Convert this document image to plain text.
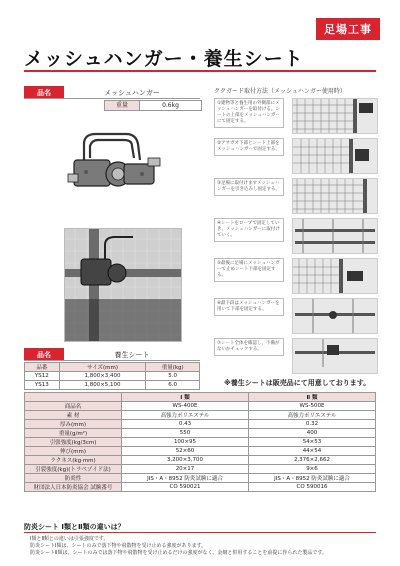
足場工事
メッシュハンガー・養生シート
品名	メッシュハンガー
重量	0.6kg
ククガード取付方法（メッシュハンガー使用時）
①建物等と養生用の外側部にメッシュハンガーを取付ける。シートの上部をメッシュハンガーにて固定する。
②アサガオ下部とシート上部をメッシュハンガーで固定する。
③足場に取付けますメッシュハンガーを引き込みし固定する。
④シートをロープで固定していき、メッシュハンガーに取付けていく。
⑤最後に足場にメッシュハンガーで止めシート下部を固定する。
⑥最下段はメッシュハンガーを用いて下部を固定する。
⑦シート全体を確認し、不備がないかチェックする。
品名	養生シート
品番	サイズ(mm)	重量(kg)
YS12	1,800×3,400	5.0
YS13	1,800×5,100	6.0	※養生シートは販売品にて用意しております。
	Ⅰ 類	Ⅱ 類
商品名	WS-400E	WS-500E
素 材	高強力ポリエステル	高強力ポリエステル
厚み(mm)	0.43	0.32
重量(g/m²)	550	400
引張強度(kg/3cm)	100×95	54×53
伸び(mm)	52×60	44×54
ラクネス(kg·mm)	3,200×3,700	2,376×2,662
引裂強度(kg)(トラペゾイド法)	20×17	9×6
防炎性	JIS・A・8952 防炎試験に適合	JIS・A・8952 防炎試験に適合
財団法人日本防炎協会 試験番号	CO 590021	CO 590016
防炎シート Ⅰ類とⅡ類の違いは？

Ⅰ類とⅡ類との違いは引張強度です。

防炎シートⅠ類は、シートのみで落下物や飛散物を受け止める強度があります。

防炎シートⅡ類は、シートのみでは落下物や飛散物を受け止めるだけの強度がなく、金網と併用することを前提に作られた製品です。
